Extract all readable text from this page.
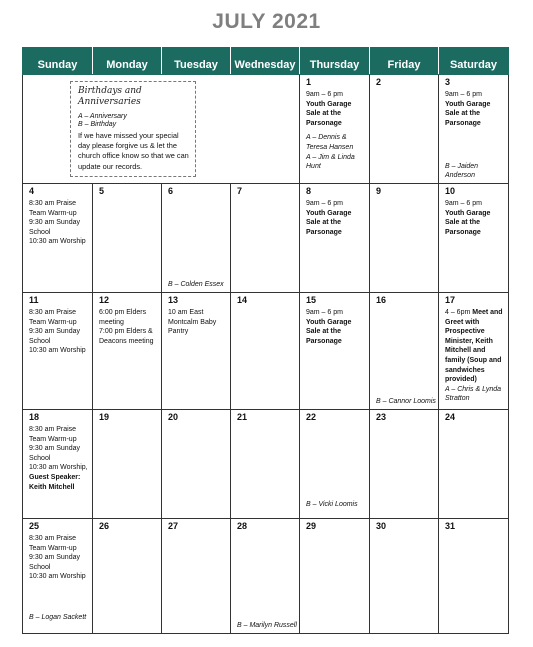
JULY 2021
Sunday	Monday	Tuesday	Wednesday	Thursday	Friday	Saturday

Birthdays and Anniversaries
A – Anniversary
B – Birthday
If we have missed your special day please forgive us & let the church office know so that we can update our records.				1
9am – 6 pm
Youth Garage Sale at the Parsonage
A – Dennis & Teresa Hansen
A – Jim & Linda Hunt	2	3
9am – 6 pm
Youth Garage Sale at the Parsonage
B – Jaiden Anderson

4
8:30 am Praise Team Warm-up
9:30 am Sunday School
10:30 am Worship	5	6
B – Colden Essex	7	8
9am – 6 pm
Youth Garage Sale at the Parsonage	9	10
9am – 6 pm
Youth Garage Sale at the Parsonage

11
8:30 am Praise Team Warm-up
9:30 am Sunday School
10:30 am Worship	12
6:00 pm Elders meeting
7:00 pm Elders & Deacons meeting	13
10 am East Montcalm Baby Pantry	14	15
9am – 6 pm
Youth Garage Sale at the Parsonage	16
B – Cannor Loomis	17
4 – 6pm Meet and Greet with Prospective Minister, Keith Mitchell and family (Soup and sandwiches provided)
A – Chris & Lynda Stratton

18
8:30 am Praise Team Warm-up
9:30 am Sunday School
10:30 am Worship, Guest Speaker: Keith Mitchell	19	20	21	22
B – Vicki Loomis	23	24

25
8:30 am Praise Team Warm-up
9:30 am Sunday School
10:30 am Worship
B – Logan Sackett	26	27	28
B – Marilyn Russell	29	30	31
